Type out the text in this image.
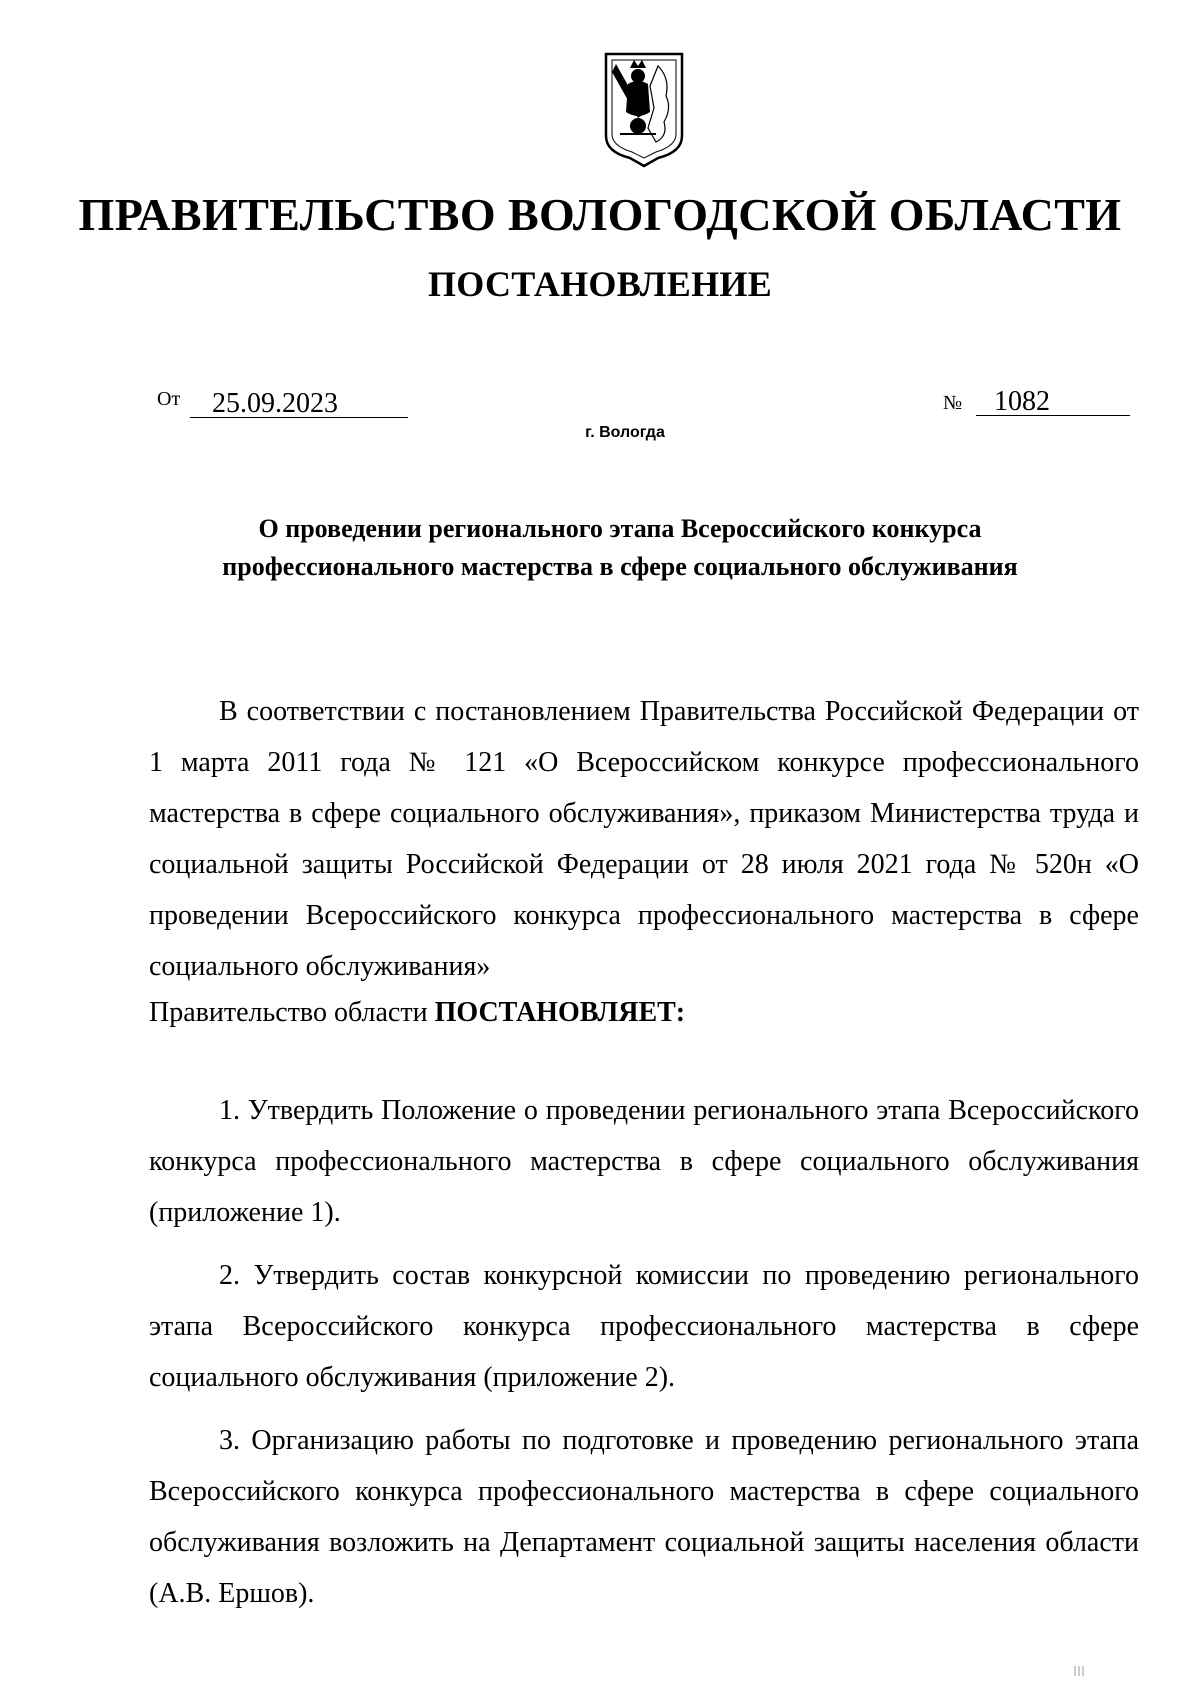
ПРАВИТЕЛЬСТВО ВОЛОГОДСКОЙ ОБЛАСТИ
ПОСТАНОВЛЕНИЕ
От	25.09.2023	№	1082
г. Вологда
О проведении регионального этапа Всероссийского конкурса профессионального мастерства в сфере социального обслуживания

В соответствии с постановлением Правительства Российской Федерации от 1 марта 2011 года № 121 «О Всероссийском конкурсе профессионального мастерства в сфере социального обслуживания», приказом Министерства труда и социальной защиты Российской Федерации от 28 июля 2021 года № 520н «О проведении Всероссийского конкурса профессионального мастерства в сфере социального обслуживания»

Правительство области ПОСТАНОВЛЯЕТ:

1. Утвердить Положение о проведении регионального этапа Всероссийского конкурса профессионального мастерства в сфере социального обслуживания (приложение 1).

2. Утвердить состав конкурсной комиссии по проведению регионального этапа Всероссийского конкурса профессионального мастерства в сфере социального обслуживания (приложение 2).

3. Организацию работы по подготовке и проведению регионального этапа Всероссийского конкурса профессионального мастерства в сфере социального обслуживания возложить на Департамент социальной защиты населения области (А.В. Ершов).
